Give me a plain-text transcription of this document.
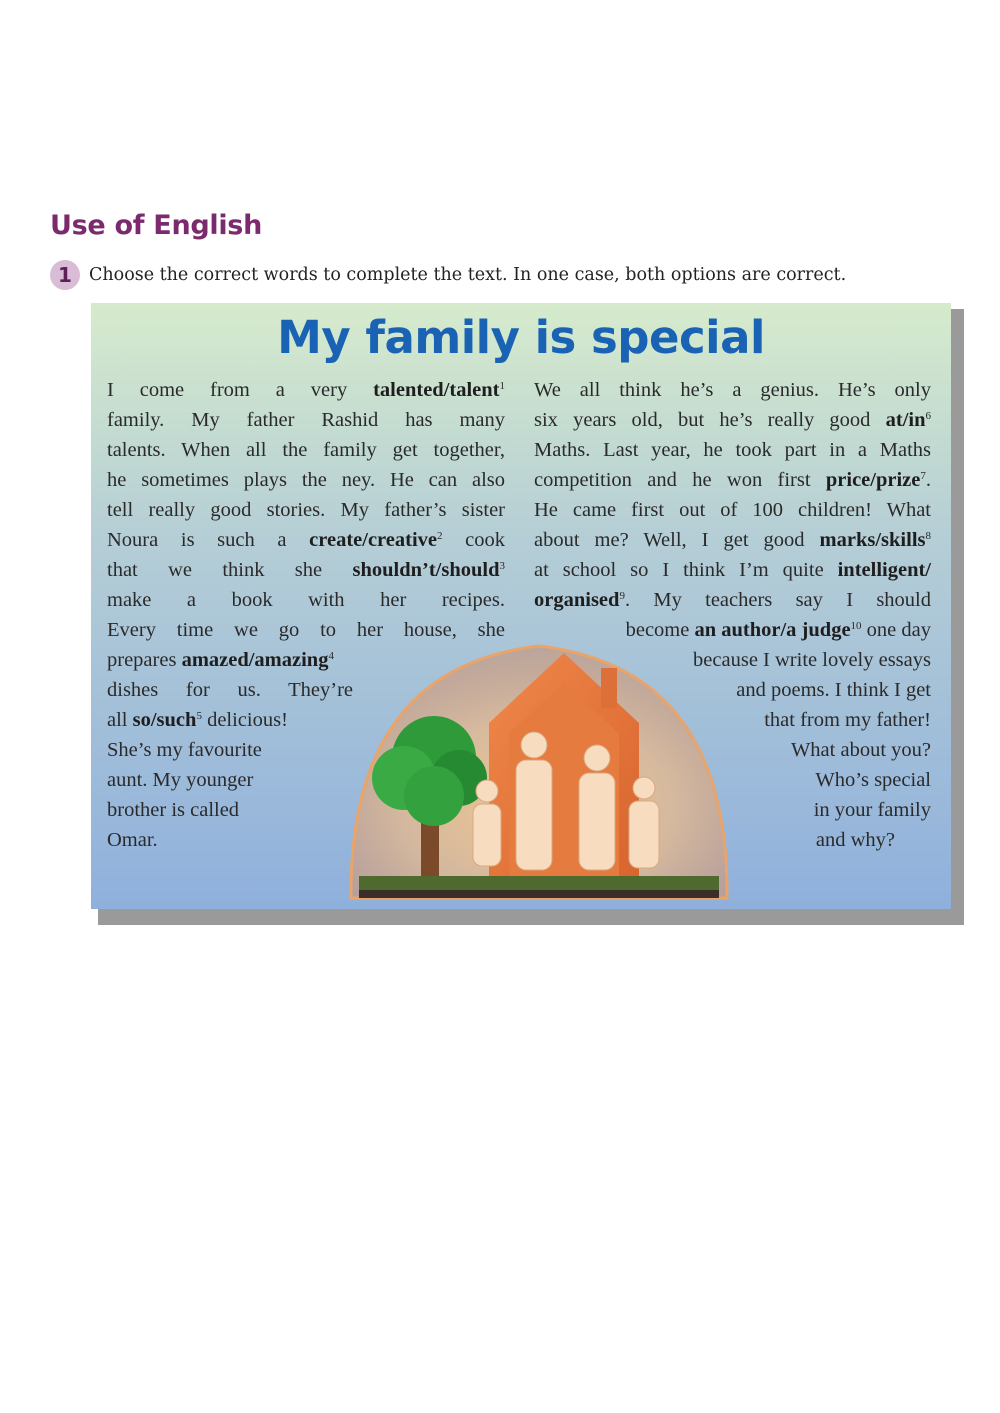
Use of English
1 Choose the correct words to complete the text. In one case, both options are correct.
My family is special
I come from a very talented/talent$^1$
family. My father Rashid has many
talents. When all the family get together,
he sometimes plays the ney. He can also
tell really good stories. My father’s sister
Noura is such a create/creative$^2$ cook
that we think she shouldn’t/should$^3$
make a book with her recipes.
Every time we go to her house, she
prepares amazed/amazing$^4$
dishes for us. They’re
all so/such$^5$ delicious!
She’s my favourite
aunt. My younger
brother is called
Omar.
We all think he’s a genius. He’s only
six years old, but he’s really good $at/in^6$
Maths. Last year, he took part in a Maths
competition and he won first price/prize$^7$.
He came first out of 100 children! What
about me? Well, I get good marks/skills$^8$
at school so I think I’m quite intelligent/
organised$^9$. My teachers say I should
become an author/a judge$^{10}$ one day
because I write lovely essays
and poems. I think I get
that from my father!
What about you?
Who’s special
in your family
and why?
